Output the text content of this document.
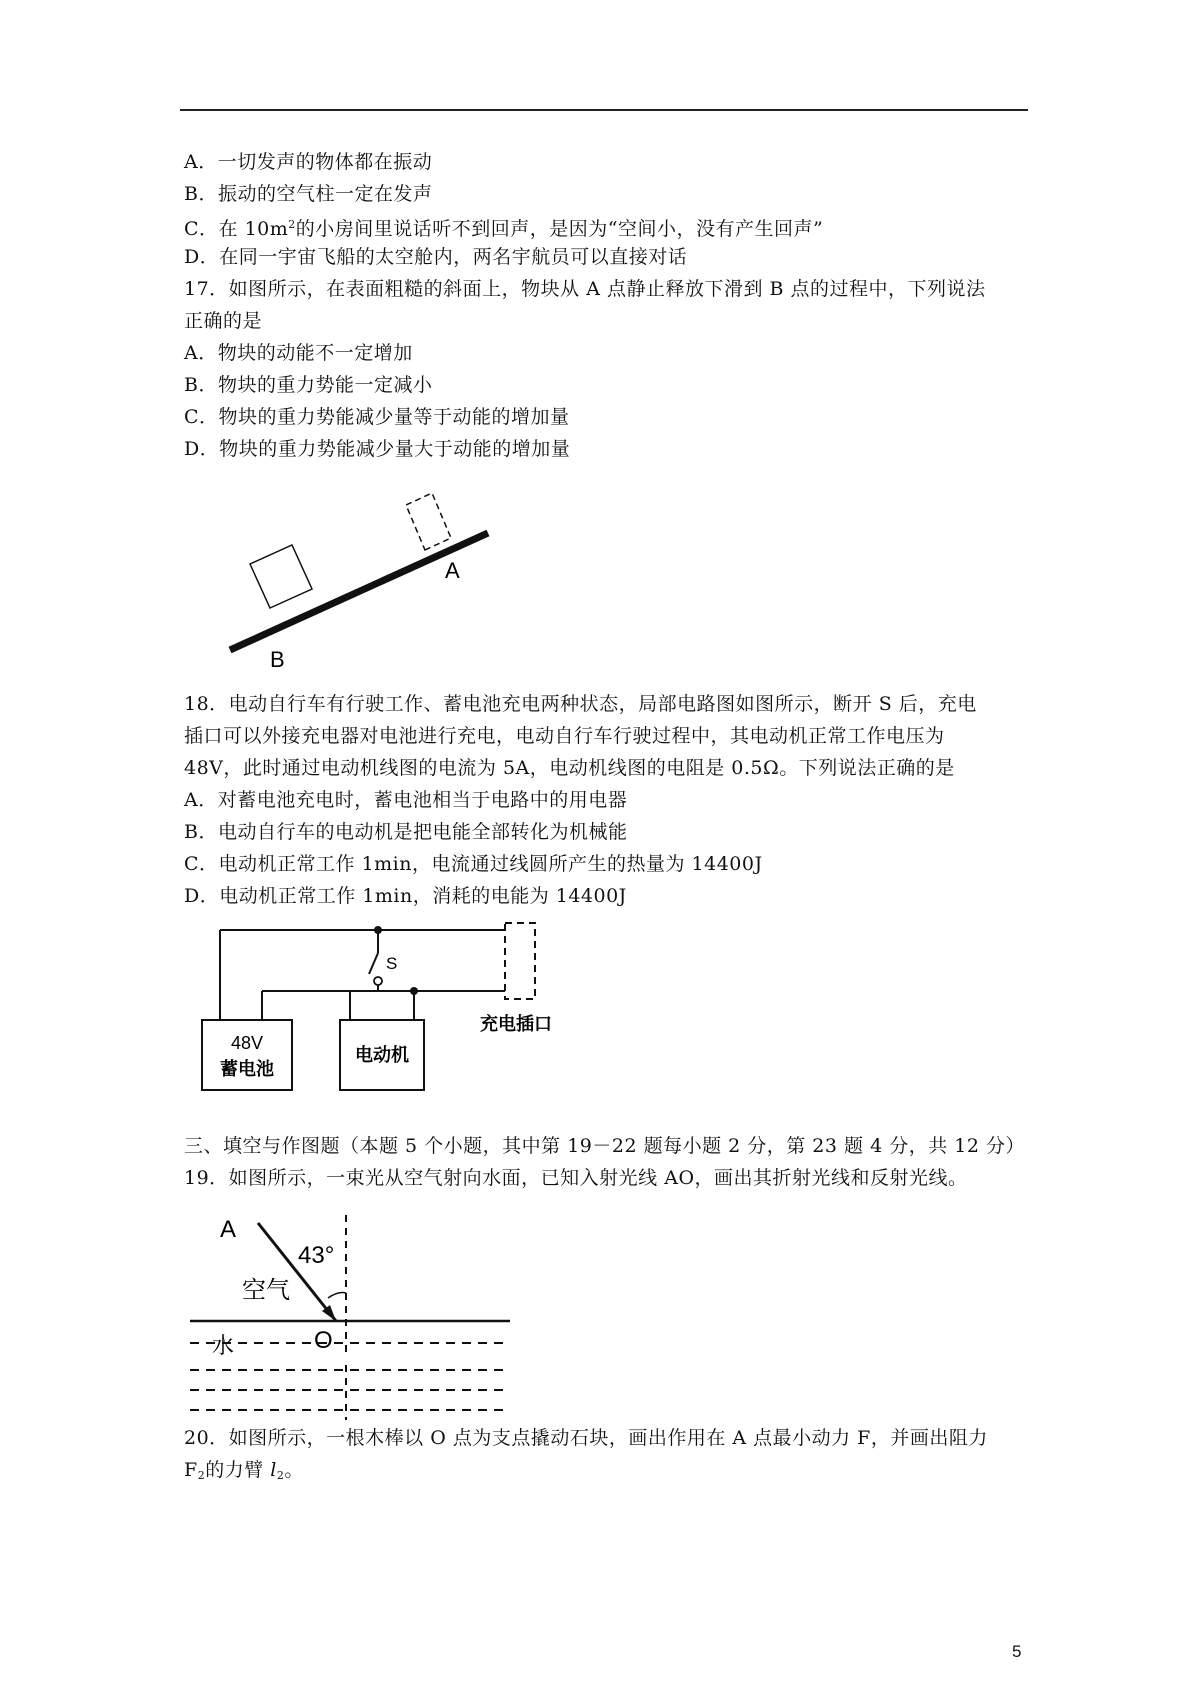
A．一切发声的物体都在振动
B．振动的空气柱一定在发声
C．在 $10m^2$的小房间里说话听不到回声，是因为“空间小，没有产生回声”
D．在同一宇宙飞船的太空舱内，两名宇航员可以直接对话
17．如图所示，在表面粗糙的斜面上，物块从 A 点静止释放下滑到 B 点的过程中，下列说法
正确的是
A．物块的动能不一定增加
B．物块的重力势能一定减小
C．物块的重力势能减少量等于动能的增加量
D．物块的重力势能减少量大于动能的增加量
A
B
18．电动自行车有行驶工作、蓄电池充电两种状态，局部电路图如图所示，断开 S 后，充电
插口可以外接充电器对电池进行充电，电动自行车行驶过程中，其电动机正常工作电压为
48V，此时通过电动机线图的电流为 5A，电动机线图的电阻是 0.5Ω。下列说法正确的是
A．对蓄电池充电时，蓄电池相当于电路中的用电器
B．电动自行车的电动机是把电能全部转化为机械能
C．电动机正常工作 1min，电流通过线圆所产生的热量为 14400J
D．电动机正常工作 1min，消耗的电能为 14400J
S
48V
蓄电池
电动机
充电插口
三、填空与作图题（本题 5 个小题，其中第 19－22 题每小题 2 分，第 23 题 4 分，共 12 分）
19．如图所示，一束光从空气射向水面，已知入射光线 AO，画出其折射光线和反射光线。
A
空气
43°
水	O
20．如图所示，一根木棒以 O 点为支点撬动石块，画出作用在 A 点最小动力 F，并画出阻力
$F_2$的力臂 $l_2$。
5
